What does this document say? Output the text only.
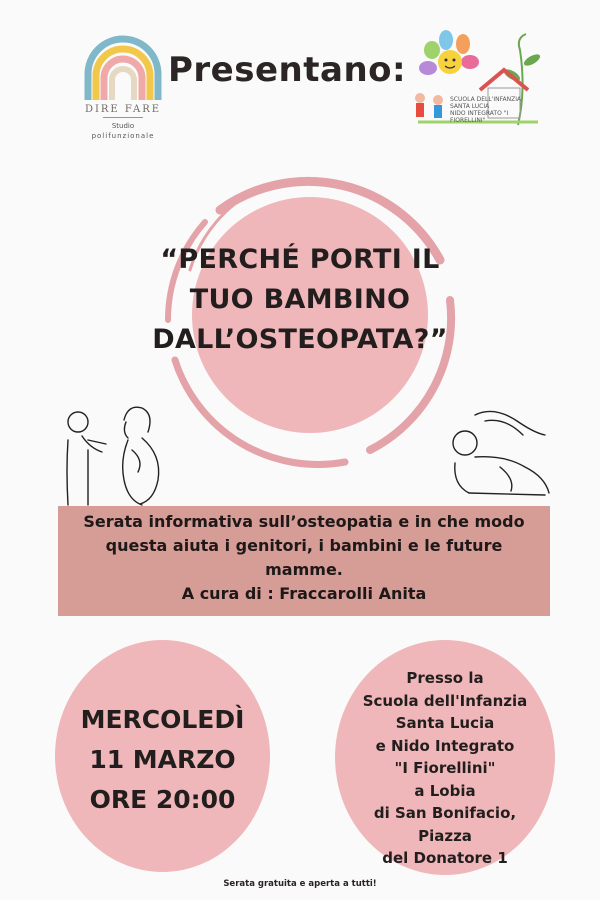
DIRE FARE
Studio
polifunzionale
Presentano:
SCUOLA DELL'INFANZIA SANTA LUCIA
NIDO INTEGRATO "I FIORELLINI"
“PERCHÉ PORTI IL
TUO BAMBINO
DALL’OSTEOPATA?”
Serata informativa sull’osteopatia e in che modo
questa aiuta i genitori, i bambini e le future
mamme.
A cura di : Fraccarolli Anita
MERCOLEDÌ
11 MARZO
ORE 20:00
Presso la
Scuola dell'Infanzia
Santa Lucia
e Nido Integrato
"I Fiorellini"
a Lobia
di San Bonifacio,
Piazza
del Donatore 1
Serata gratuita e aperta a tutti!
